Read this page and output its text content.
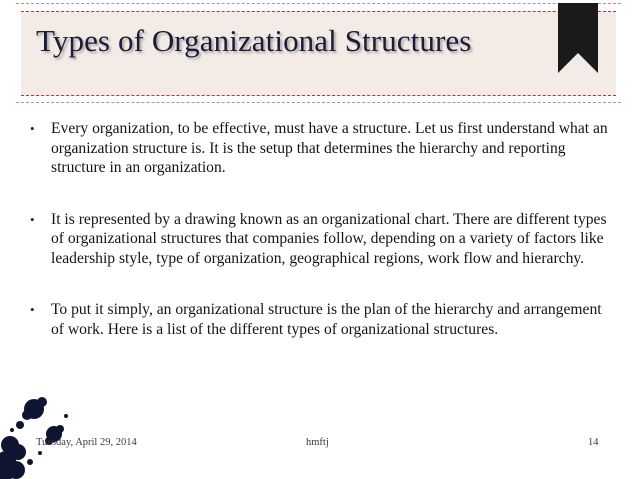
Types of Organizational Structures
• Every organization, to be effective, must have a structure. Let us first understand what an organization structure is. It is the setup that determines the hierarchy and reporting structure in an organization.
• It is represented by a drawing known as an organizational chart. There are different types of organizational structures that companies follow, depending on a variety of factors like leadership style, type of organization, geographical regions, work flow and hierarchy.
• To put it simply, an organizational structure is the plan of the hierarchy and arrangement of work. Here is a list of the different types of organizational structures.
Tuesday, April 29, 2014	hmftj	14
